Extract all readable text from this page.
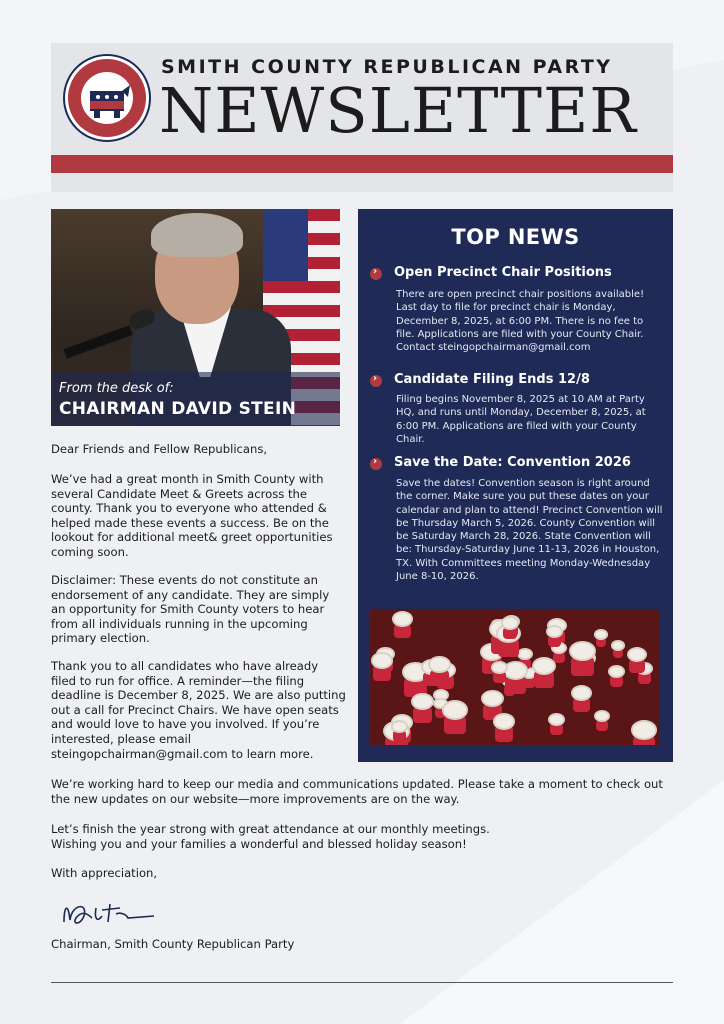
SMITH COUNTY REPUBLICAN PARTY
NEWSLETTER
From the desk of:
CHAIRMAN DAVID STEIN
Dear Friends and Fellow Republicans,
We’ve had a great month in Smith County with several Candidate Meet & Greets across the county. Thank you to everyone who attended & helped made these events a success. Be on the lookout for additional meet& greet opportunities coming soon.
Disclaimer: These events do not constitute an endorsement of any candidate. They are simply an opportunity for Smith County voters to hear from all individuals running in the upcoming primary election.
Thank you to all candidates who have already filed to run for office. A reminder—the filing deadline is December 8, 2025. We are also putting out a call for Precinct Chairs. We have open seats and would love to have you involved. If you’re interested, please email steingopchairman@gmail.com to learn more.
We’re working hard to keep our media and communications updated. Please take a moment to check out the new updates on our website—more improvements are on the way.
Let’s finish the year strong with great attendance at our monthly meetings.
Wishing you and your families a wonderful and blessed holiday season!
With appreciation,
Chairman, Smith County Republican Party
TOP NEWS
› Open Precinct Chair Positions
There are open precinct chair positions available! Last day to file for precinct chair is Monday, December 8, 2025, at 6:00 PM. There is no fee to file. Applications are filed with your County Chair. Contact steingopchairman@gmail.com
› Candidate Filing Ends 12/8
Filing begins November 8, 2025 at 10 AM at Party HQ, and runs until Monday, December 8, 2025, at 6:00 PM. Applications are filed with your County Chair.
› Save the Date: Convention 2026
Save the dates! Convention season is right around the corner. Make sure you put these dates on your calendar and plan to attend! Precinct Convention will be Thursday March 5, 2026. County Convention will be Saturday March 28, 2026. State Convention will be: Thursday-Saturday June 11-13, 2026 in Houston, TX. With Committees meeting Monday-Wednesday June 8-10, 2026.
